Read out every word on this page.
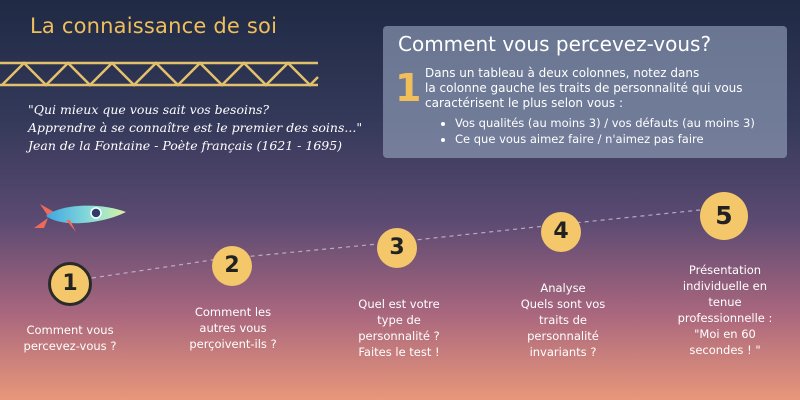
La connaissance de soi
"Qui mieux que vous sait vos besoins?
Apprendre à se connaître est le premier des soins..."
Jean de la Fontaine - Poète français (1621 - 1695)
Comment vous percevez-vous?
1 Dans un tableau à deux colonnes, notez dans
la colonne gauche les traits de personnalité qui vous
caractérisent le plus selon vous :
• Vos qualités (au moins 3) / vos défauts (au moins 3)
• Ce que vous aimez faire / n'aimez pas faire
1
Comment vous
percevez-vous ?
2
Comment les
autres vous
perçoivent-ils ?
3
Quel est votre
type de
personnalité ?
Faites le test !
4
Analyse
Quels sont vos
traits de
personnalité
invariants ?
5
Présentation
individuelle en
tenue
professionnelle :
"Moi en 60
secondes ! "
